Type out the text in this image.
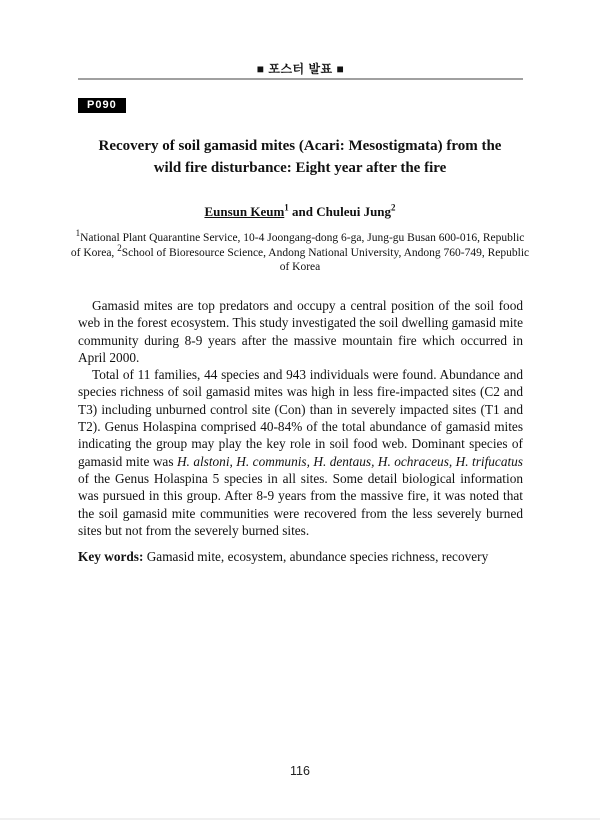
■ 포스터 발표 ■
P090
Recovery of soil gamasid mites (Acari: Mesostigmata) from the
wild fire disturbance: Eight year after the fire
Eunsun Keum$^1$ and Chuleui Jung$^2$
$^1$National Plant Quarantine Service, 10-4 Joongang-dong 6-ga, Jung-gu Busan 600-016, Republic of Korea, $^2$School of Bioresource Science, Andong National University, Andong 760-749, Republic of Korea

Gamasid mites are top predators and occupy a central position of the soil food web in the forest ecosystem. This study investigated the soil dwelling gamasid mite community during 8-9 years after the massive mountain fire which occurred in April 2000.

Total of 11 families, 44 species and 943 individuals were found. Abundance and species richness of soil gamasid mites was high in less fire-impacted sites (C2 and T3) including unburned control site (Con) than in severely impacted sites (T1 and T2). Genus Holaspina comprised 40-84% of the total abundance of gamasid mites indicating the group may play the key role in soil food web. Dominant species of gamasid mite was H. alstoni, H. communis, H. dentaus, H. ochraceus, H. trifucatus of the Genus Holaspina 5 species in all sites. Some detail biological information was pursued in this group. After 8-9 years from the massive fire, it was noted that the soil gamasid mite communities were recovered from the less severely burned sites but not from the severely burned sites.

Key words: Gamasid mite, ecosystem, abundance species richness, recovery

116
